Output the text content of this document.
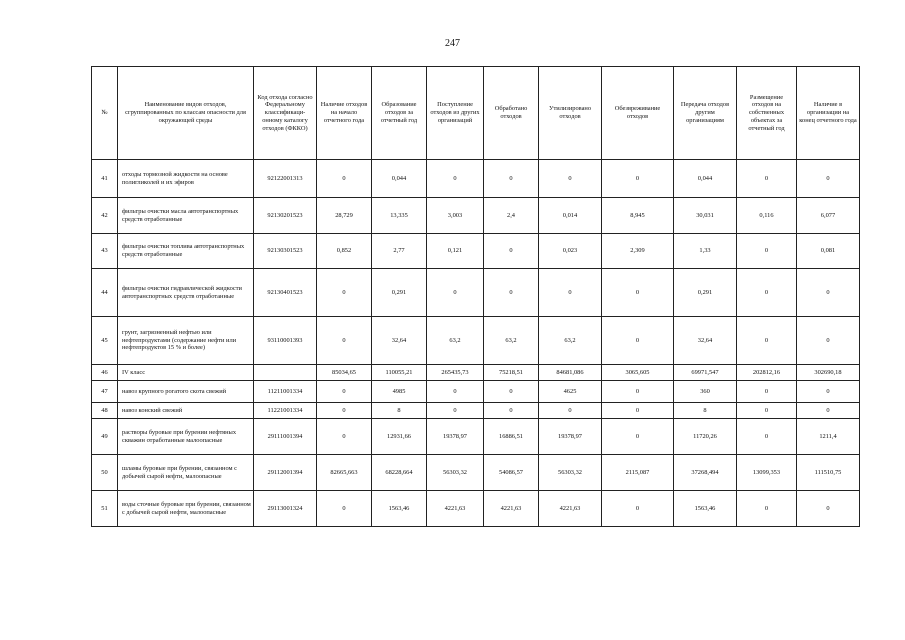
247
№	Наименование видов отходов, сгруппированных по классам опасности для окружающей среды	Код отхода согласно Федеральному классификаци-онному каталогу отходов (ФККО)	Наличие отходов на начало отчетного года	Образование отходов за отчетный год	Поступление отходов из других организаций	Обработано отходов	Утилизировано отходов	Обезвреживание отходов	Передача отходов другим организациям	Размещение отходов на собственных объектах за отчетный год	Наличие в организации на конец отчетного года
41	отходы тормозной жидкости на основе полигликолей и их эфиров	92122001313	0	0,044	0	0	0	0	0,044	0	0
42	фильтры очистки масла автотранспортных средств отработанные	92130201523	28,729	13,335	3,003	2,4	0,014	8,945	30,031	0,116	6,077
43	фильтры очистки топлива автотранспортных средств отработанные	92130301523	0,852	2,77	0,121	0	0,023	2,309	1,33	0	0,081
44	фильтры очистки гидравлической жидкости автотранспортных средств отработанные	92130401523	0	0,291	0	0	0	0	0,291	0	0
45	грунт, загрязненный нефтью или нефтепродуктами (содержание нефти или нефтепродуктов 15 % и более)	93110001393	0	32,64	63,2	63,2	63,2	0	32,64	0	0
46	IV класс		85034,65	110055,21	265435,73	75218,51	84681,086	3065,605	69971,547	202812,16	302690,18
47	навоз крупного рогатого скота свежий	11211001334	0	4985	0	0	4625	0	360	0	0
48	навоз конский свежий	11221001334	0	8	0	0	0	0	8	0	0
49	растворы буровые при бурении нефтяных скважин отработанные малоопасные	29111001394	0	12931,66	19378,97	16886,51	19378,97	0	11720,26	0	1211,4
50	шламы буровые при бурении, связанном с добычей сырой нефти, малоопасные	29112001394	82665,663	68228,664	56303,32	54086,57	56303,32	2115,087	37268,494	13099,353	111510,75
51	воды сточные буровые при бурении, связанном с добычей сырой нефти, малоопасные	29113001324	0	1563,46	4221,63	4221,63	4221,63	0	1563,46	0	0
